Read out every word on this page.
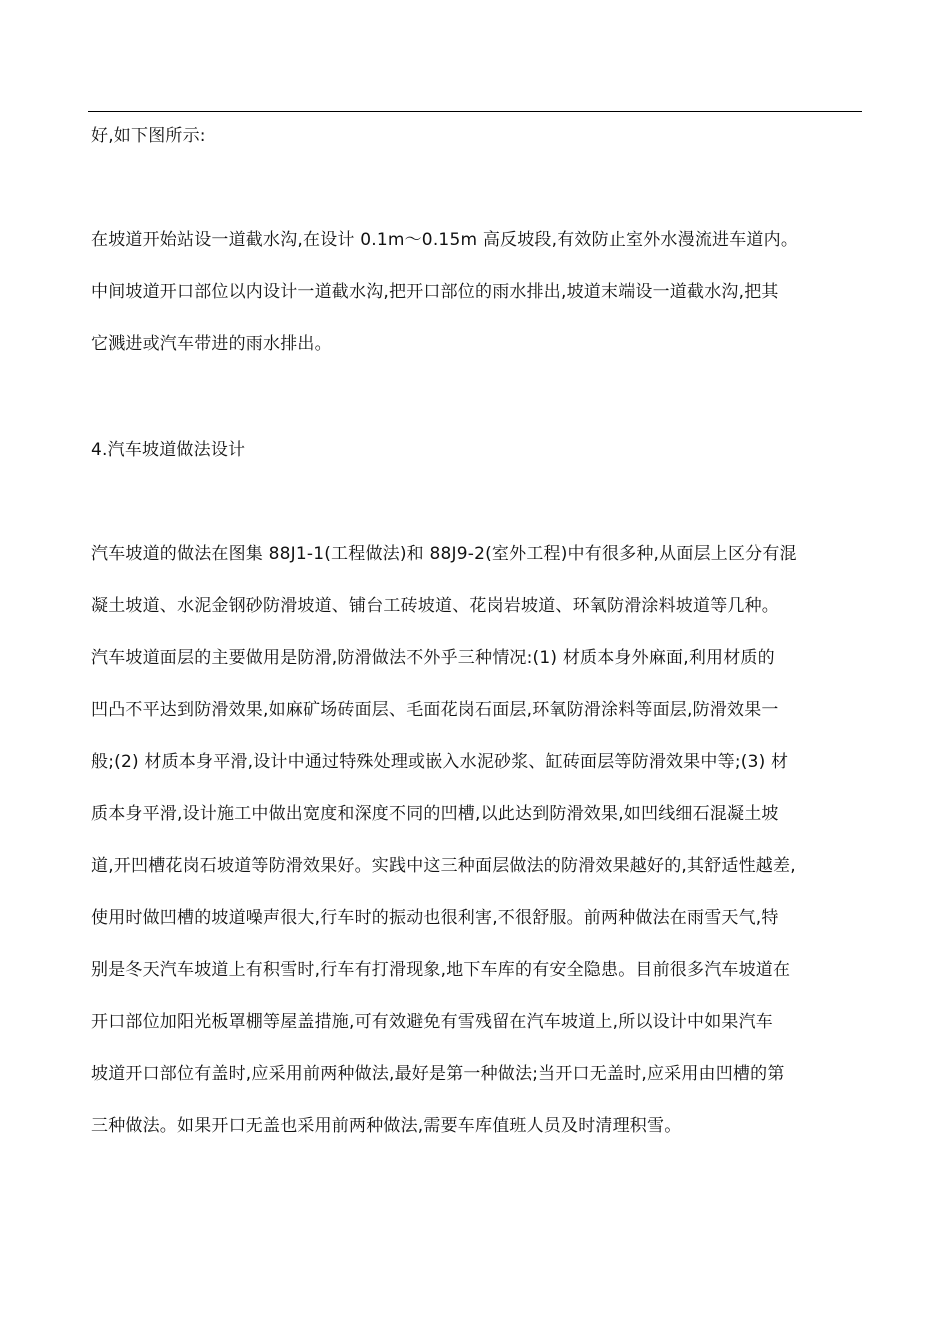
好,如下图所示:
在坡道开始站设一道截水沟,在设计 0.1m～0.15m 高反坡段,有效防止室外水漫流进车道内。
中间坡道开口部位以内设计一道截水沟,把开口部位的雨水排出,坡道末端设一道截水沟,把其
它溅进或汽车带进的雨水排出。
4.汽车坡道做法设计
汽车坡道的做法在图集 88J1-1(工程做法)和 88J9-2(室外工程)中有很多种,从面层上区分有混
凝土坡道、水泥金钢砂防滑坡道、铺台工砖坡道、花岗岩坡道、环氧防滑涂料坡道等几种。
汽车坡道面层的主要做用是防滑,防滑做法不外乎三种情况:(1) 材质本身外麻面,利用材质的
凹凸不平达到防滑效果,如麻矿场砖面层、毛面花岗石面层,环氧防滑涂料等面层,防滑效果一
般;(2) 材质本身平滑,设计中通过特殊处理或嵌入水泥砂浆、缸砖面层等防滑效果中等;(3) 材
质本身平滑,设计施工中做出宽度和深度不同的凹槽,以此达到防滑效果,如凹线细石混凝土坡
道,开凹槽花岗石坡道等防滑效果好。实践中这三种面层做法的防滑效果越好的,其舒适性越差,
使用时做凹槽的坡道噪声很大,行车时的振动也很利害,不很舒服。前两种做法在雨雪天气,特
别是冬天汽车坡道上有积雪时,行车有打滑现象,地下车库的有安全隐患。目前很多汽车坡道在
开口部位加阳光板罩棚等屋盖措施,可有效避免有雪残留在汽车坡道上,所以设计中如果汽车
坡道开口部位有盖时,应采用前两种做法,最好是第一种做法;当开口无盖时,应采用由凹槽的第
三种做法。如果开口无盖也采用前两种做法,需要车库值班人员及时清理积雪。
